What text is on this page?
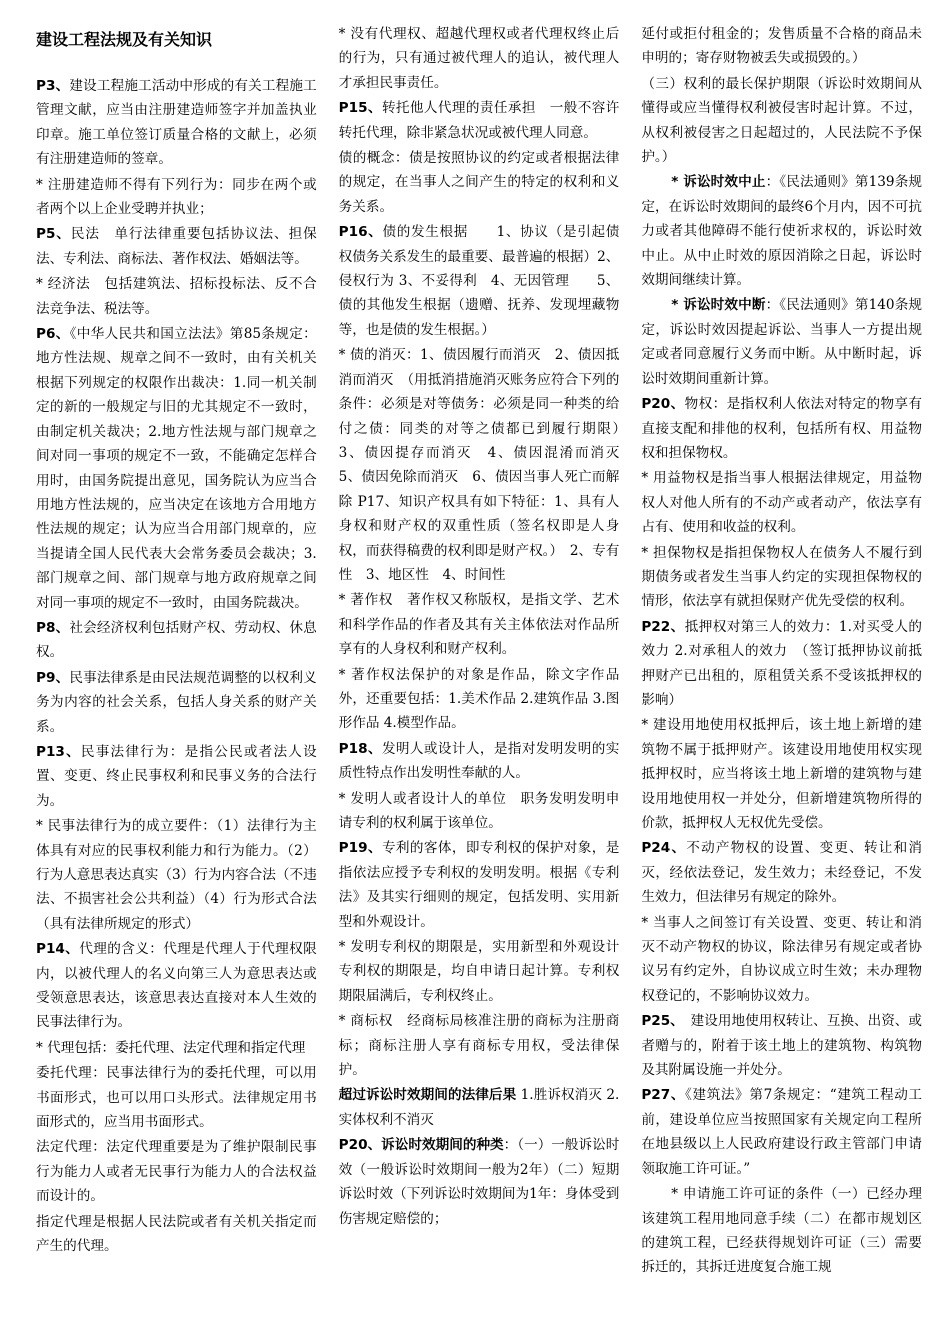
建设工程法规及有关知识
P3、建设工程施工活动中形成的有关工程施工管理文献，应当由注册建造师签字并加盖执业印章。施工单位签订质量合格的文献上，必须有注册建造师的签章。
* 注册建造师不得有下列行为：同步在两个或者两个以上企业受聘并执业；
P5、民法　单行法律重要包括协议法、担保法、专利法、商标法、著作权法、婚姻法等。
* 经济法　包括建筑法、招标投标法、反不合法竞争法、税法等。
P6、《中华人民共和国立法法》第85条规定：地方性法规、规章之间不一致时，由有关机关根据下列规定的权限作出裁决：1.同一机关制定的新的一般规定与旧的尤其规定不一致时，由制定机关裁决；2.地方性法规与部门规章之间对同一事项的规定不一致，不能确定怎样合用时，由国务院提出意见，国务院认为应当合用地方性法规的，应当决定在该地方合用地方性法规的规定；认为应当合用部门规章的，应当提请全国人民代表大会常务委员会裁决；3.部门规章之间、部门规章与地方政府规章之间对同一事项的规定不一致时，由国务院裁决。
P8、社会经济权利包括财产权、劳动权、休息权。
P9、民事法律系是由民法规范调整的以权利义务为内容的社会关系，包括人身关系的财产关系。
P13、民事法律行为：是指公民或者法人设置、变更、终止民事权利和民事义务的合法行为。
* 民事法律行为的成立要件：（1）法律行为主体具有对应的民事权利能力和行为能力。（2）行为人意思表达真实（3）行为内容合法（不违法、不损害社会公共利益）（4）行为形式合法（具有法律所规定的形式）
P14、代理的含义：代理是代理人于代理权限内，以被代理人的名义向第三人为意思表达或受领意思表达，该意思表达直接对本人生效的民事法律行为。
* 代理包括：委托代理、法定代理和指定代理
委托代理：民事法律行为的委托代理，可以用书面形式，也可以用口头形式。法律规定用书面形式的，应当用书面形式。
法定代理：法定代理重要是为了维护限制民事行为能力人或者无民事行为能力人的合法权益而设计的。
指定代理是根据人民法院或者有关机关指定而产生的代理。
* 没有代理权、超越代理权或者代理权终止后的行为，只有通过被代理人的追认，被代理人才承担民事责任。
P15、转托他人代理的责任承担　一般不容许转托代理，除非紧急状况或被代理人同意。
债的概念：债是按照协议的约定或者根据法律的规定，在当事人之间产生的特定的权利和义务关系。
P16、债的发生根据　　1、协议（是引起债权债务关系发生的最重要、最普遍的根据）2、侵权行为 3、不妥得利　4、无因管理　　5、债的其他发生根据（遗赠、抚养、发现埋藏物等，也是债的发生根据。）
* 债的消灭：1、债因履行而消灭　2、债因抵消而消灭　（用抵消措施消灭账务应符合下列的条件：必须是对等债务：必须是同一种类的给付之债：同类的对等之债都已到履行期限）　3、债因提存而消灭　4、债因混淆而消灭　5、债因免除而消灭　6、债因当事人死亡而解除 P17、知识产权具有如下特征：1、具有人身权和财产权的双重性质（签名权即是人身权，而获得稿费的权利即是财产权。）　2、专有性　3、地区性　4、时间性
* 著作权　著作权又称版权，是指文学、艺术和科学作品的作者及其有关主体依法对作品所享有的人身权利和财产权利。
* 著作权法保护的对象是作品，除文字作品外，还重要包括：1.美术作品 2.建筑作品 3.图形作品 4.模型作品。
P18、发明人或设计人，是指对发明发明的实质性特点作出发明性奉献的人。
* 发明人或者设计人的单位　职务发明发明申请专利的权利属于该单位。
P19、专利的客体，即专利权的保护对象，是指依法应授予专利权的发明发明。根据《专利法》及其实行细则的规定，包括发明、实用新型和外观设计。
* 发明专利权的期限是，实用新型和外观设计专利权的期限是，均自申请日起计算。专利权期限届满后，专利权终止。
* 商标权　经商标局核准注册的商标为注册商标；商标注册人享有商标专用权，受法律保护。
超过诉讼时效期间的法律后果 1.胜诉权消灭 2.实体权利不消灭
P20、诉讼时效期间的种类：（一）一般诉讼时效（一般诉讼时效期间一般为2年）（二）短期诉讼时效（下列诉讼时效期间为1年：身体受到伤害规定赔偿的；
延付或拒付租金的；发售质量不合格的商品未申明的；寄存财物被丢失或损毁的。）
（三）权利的最长保护期限（诉讼时效期间从懂得或应当懂得权利被侵害时起计算。不过，从权利被侵害之日起超过的，人民法院不予保护。）
* 诉讼时效中止：《民法通则》第139条规定，在诉讼时效期间的最终6个月内，因不可抗力或者其他障碍不能行使祈求权的，诉讼时效中止。从中止时效的原因消除之日起，诉讼时效期间继续计算。
* 诉讼时效中断：《民法通则》第140条规定，诉讼时效因提起诉讼、当事人一方提出规定或者同意履行义务而中断。从中断时起，诉讼时效期间重新计算。
P20、物权：是指权利人依法对特定的物享有直接支配和排他的权利，包括所有权、用益物权和担保物权。
* 用益物权是指当事人根据法律规定，用益物权人对他人所有的不动产或者动产，依法享有占有、使用和收益的权利。
* 担保物权是指担保物权人在债务人不履行到期债务或者发生当事人约定的实现担保物权的情形，依法享有就担保财产优先受偿的权利。
P22、抵押权对第三人的效力：1.对买受人的效力 2.对承租人的效力　（签订抵押协议前抵押财产已出租的，原租赁关系不受该抵押权的影响）
* 建设用地使用权抵押后，该土地上新增的建筑物不属于抵押财产。该建设用地使用权实现抵押权时，应当将该土地上新增的建筑物与建设用地使用权一并处分，但新增建筑物所得的价款，抵押权人无权优先受偿。
P24、不动产物权的设置、变更、转让和消灭，经依法登记，发生效力；未经登记，不发生效力，但法律另有规定的除外。
* 当事人之间签订有关设置、变更、转让和消灭不动产物权的协议，除法律另有规定或者协议另有约定外，自协议成立时生效；未办理物权登记的，不影响协议效力。
P25、　建设用地使用权转让、互换、出资、或者赠与的，附着于该土地上的建筑物、构筑物及其附属设施一并处分。
P27、《建筑法》第7条规定：“建筑工程动工前，建设单位应当按照国家有关规定向工程所在地县级以上人民政府建设行政主管部门申请领取施工许可证。”
* 申请施工许可证的条件（一）已经办理该建筑工程用地同意手续（二）在都市规划区的建筑工程，已经获得规划许可证（三）需要拆迁的，其拆迁进度复合施工规
